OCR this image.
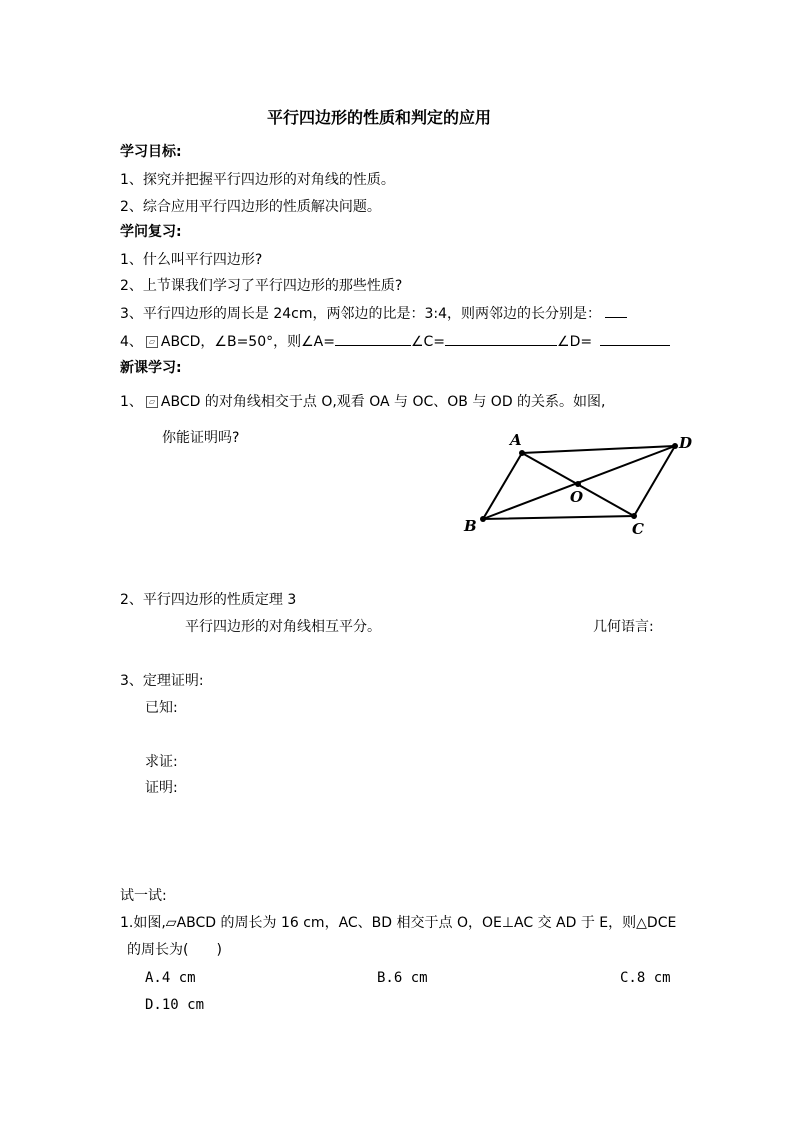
平行四边形的性质和判定的应用
学习目标:
1、探究并把握平行四边形的对角线的性质。
2、综合应用平行四边形的性质解决问题。
学问复习:
1、什么叫平行四边形?
2、上节课我们学习了平行四边形的那些性质?
3、平行四边形的周长是 24cm，两邻边的比是：3:4，则两邻边的长分别是：
4、 ▱ ABCD，∠B=50°，则∠A=	∠C=	∠D=
新课学习:
1、 ▱ ABCD 的对角线相交于点 O,观看 OA 与 OC、OB 与 OD 的关系。如图,
你能证明吗?	A	D
O
B	C
2、平行四边形的性质定理 3
平行四边形的对角线相互平分。	几何语言:
3、定理证明:
已知:
求证:
证明:
试一试:
1.如图,▱ABCD 的周长为 16 cm，AC、BD 相交于点 O，OE⊥AC 交 AD 于 E，则△DCE
的周长为(　　)
A.4 cm	B.6 cm	C.8 cm
D.10 cm
